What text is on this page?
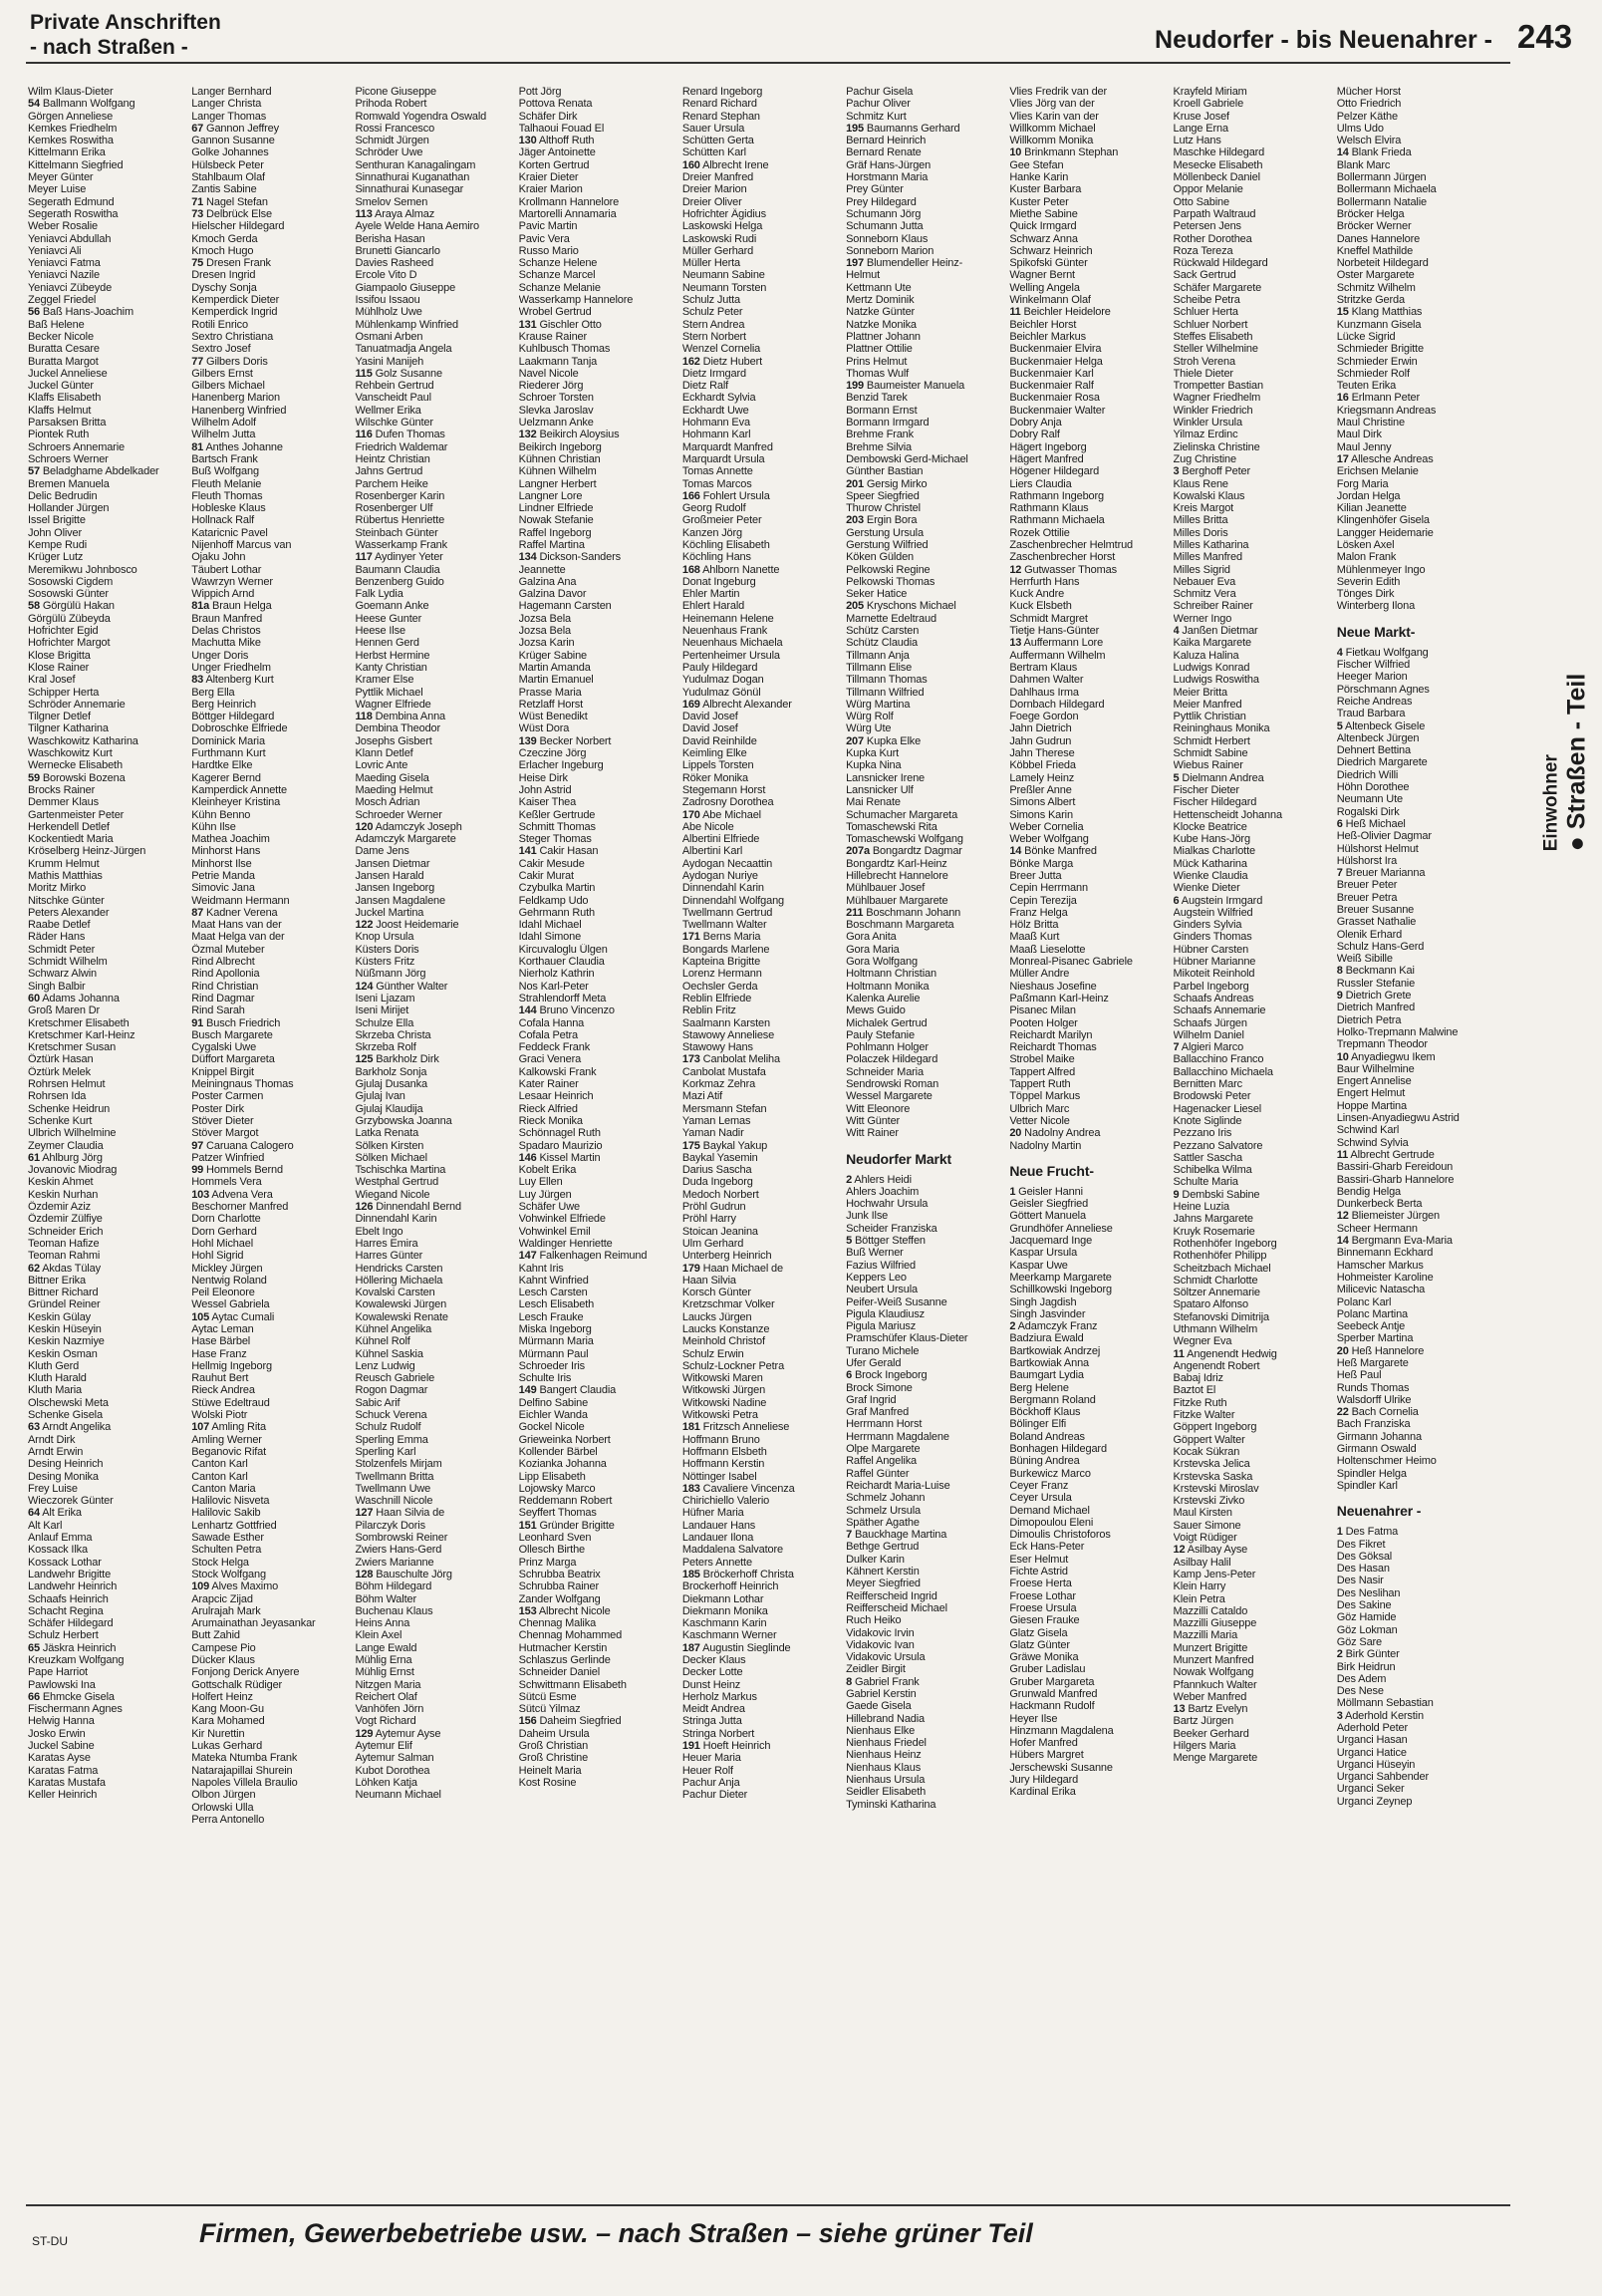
Private Anschriften
- nach Straßen -	Neudorfer - bis Neuenahrer - 243
Wilm Klaus-Dieter
54 Ballmann Wolfgang
Görgen Anneliese
Kemkes Friedhelm
Kemkes Roswitha
Kittelmann Erika
Kittelmann Siegfried
Meyer Günter
Meyer Luise
Segerath Edmund
Segerath Roswitha
Weber Rosalie
Yeniavci Abdullah
Yeniavci Ali
Yeniavci Fatma
Yeniavci Nazile
Yeniavci Zübeyde
Zeggel Friedel
56 Baß Hans-Joachim
Baß Helene
Becker Nicole
Buratta Cesare
Buratta Margot
Juckel Anneliese
Juckel Günter
Klaffs Elisabeth
Klaffs Helmut
Parsaksen Britta
Piontek Ruth
Schroers Annemarie
Schroers Werner
57 Beladghame Abdelkader
Bremen Manuela
Delic Bedrudin
Hollander Jürgen
Issel Brigitte
John Oliver
Kempe Rudi
Krüger Lutz
Meremikwu Johnbosco
Sosowski Cigdem
Sosowski Günter
58 Görgülü Hakan
Görgülü Zübeyda
Hofrichter Egid
Hofrichter Margot
Klose Brigitta
Klose Rainer
Kral Josef
Schipper Herta
Schröder Annemarie
Tilgner Detlef
Tilgner Katharina
Waschkowitz Katharina
Waschkowitz Kurt
Wernecke Elisabeth
59 Borowski Bozena
Brocks Rainer
Demmer Klaus
Gartenmeister Peter
Herkendell Detlef
Kockentiedt Maria
Kröselberg Heinz-Jürgen
Krumm Helmut
Mathis Matthias
Moritz Mirko
Nitschke Günter
Peters Alexander
Raabe Detlef
Räder Hans
Schmidt Peter
Schmidt Wilhelm
Schwarz Alwin
Singh Balbir
60 Adams Johanna
Groß Maren Dr
Kretschmer Elisabeth
Kretschmer Karl-Heinz
Kretschmer Susan
Öztürk Hasan
Öztürk Melek
Rohrsen Helmut
Rohrsen Ida
Schenke Heidrun
Schenke Kurt
Ulbrich Wilhelmine
Zeymer Claudia
61 Ahlburg Jörg
Jovanovic Miodrag
Keskin Ahmet
Keskin Nurhan
Özdemir Aziz
Özdemir Zülfiye
Schneider Erich
Teoman Hafize
Teoman Rahmi
62 Akdas Tülay
Bittner Erika
Bittner Richard
Gründel Reiner
Keskin Gülay
Keskin Hüseyin
Keskin Nazmiye
Keskin Osman
Kluth Gerd
Kluth Harald
Kluth Maria
Olschewski Meta
Schenke Gisela
63 Arndt Angelika
Arndt Dirk
Arndt Erwin
Desing Heinrich
Desing Monika
Frey Luise
Wieczorek Günter
64 Alt Erika
Alt Karl
Anlauf Emma
Kossack Ilka
Kossack Lothar
Landwehr Brigitte
Landwehr Heinrich
Schaafs Heinrich
Schacht Regina
Schäfer Hildegard
Schulz Herbert
65 Jäskra Heinrich
Kreuzkam Wolfgang
Pape Harriot
Pawlowski Ina
66 Ehmcke Gisela
Fischermann Agnes
Helwig Hanna
Josko Erwin
Juckel Sabine
Karatas Ayse
Karatas Fatma
Karatas Mustafa
Keller Heinrich
Langer Bernhard
Langer Christa
Langer Thomas
67 Gannon Jeffrey
Gannon Susanne
Golke Johannes
Hülsbeck Peter
Stahlbaum Olaf
Zantis Sabine
71 Nagel Stefan
73 Delbrück Else
Hielscher Hildegard
Kmoch Gerda
Kmoch Hugo
75 Dresen Frank
Dresen Ingrid
Dyschy Sonja
Kemperdick Dieter
Kemperdick Ingrid
Rotili Enrico
Sextro Christiana
Sextro Josef
77 Gilbers Doris
Gilbers Ernst
Gilbers Michael
Hanenberg Marion
Hanenberg Winfried
Wilhelm Adolf
Wilhelm Jutta
81 Anthes Johanne
Bartsch Frank
Buß Wolfgang
Fleuth Melanie
Fleuth Thomas
Hobleske Klaus
Hollnack Ralf
Kataricnic Pavel
Nijenhoff Marcus van
Ojaku John
Täubert Lothar
Wawrzyn Werner
Wippich Arnd
81a Braun Helga
Braun Manfred
Delas Christos
Machutta Mike
Unger Doris
Unger Friedhelm
83 Altenberg Kurt
Berg Ella
Berg Heinrich
Böttger Hildegard
Dobroschke Elfriede
Dominick Maria
Furthmann Kurt
Hardtke Elke
Kagerer Bernd
Kamperdick Annette
Kleinheyer Kristina
Kühn Benno
Kühn Ilse
Mathea Joachim
Minhorst Hans
Minhorst Ilse
Petrie Manda
Simovic Jana
Weidmann Hermann
87 Kadner Verena
Maat Hans van der
Maat Helga van der
Özmal Muteber
Rind Albrecht
Rind Apollonia
Rind Christian
Rind Dagmar
Rind Sarah
91 Busch Friedrich
Busch Margarete
Cygalski Uwe
Düffort Margareta
Knippel Birgit
Meiningnaus Thomas
Poster Carmen
Poster Dirk
Stöver Dieter
Stöver Margot
97 Caruana Calogero
Patzer Winfried
99 Hommels Bernd
Hommels Vera
103 Advena Vera
Beschorner Manfred
Dorn Charlotte
Dorn Gerhard
Hohl Michael
Hohl Sigrid
Mickley Jürgen
Nentwig Roland
Peil Eleonore
Wessel Gabriela
105 Aytac Cumali
Aytac Leman
Hase Bärbel
Hase Franz
Hellmig Ingeborg
Rauhut Bert
Rieck Andrea
Stüwe Edeltraud
Wolski Piotr
107 Amling Rita
Amling Werner
Beganovic Rifat
Canton Karl
Canton Karl
Canton Maria
Halilovic Nisveta
Halilovic Sakib
Lenhartz Gottfried
Sawade Esther
Schulten Petra
Stock Helga
Stock Wolfgang
109 Alves Maximo
Arapcic Zijad
Arulrajah Mark
Arumainathan Jeyasankar
Butt Zahid
Campese Pio
Dücker Klaus
Fonjong Derick Anyere
Gottschalk Rüdiger
Holfert Heinz
Kang Moon-Gu
Kara Mohamed
Kir Nurettin
Lukas Gerhard
Mateka Ntumba Frank
Natarajapillai Shurein
Napoles Villela Braulio
Olbon Jürgen
Orlowski Ulla
Perra Antonello
Picone Giuseppe
Prihoda Robert
Romwald Yogendra Oswald
Rossi Francesco
Schmidt Jürgen
Schröder Uwe
Senthuran Kanagalingam
Sinnathurai Kuganathan
Sinnathurai Kunasegar
Smelov Semen
113 Araya Almaz
Ayele Welde Hana Aemiro
Berisha Hasan
Brunetti Giancarlo
Davies Rasheed
Ercole Vito D
Giampaolo Giuseppe
Issifou Issaou
Mühlholz Uwe
Mühlenkamp Winfried
Osmani Arben
Tanuatmadja Angela
Yasini Manijeh
115 Golz Susanne
Rehbein Gertrud
Vanscheidt Paul
Wellmer Erika
Wilschke Günter
116 Dufen Thomas
Friedrich Waldemar
Heintz Christian
Jahns Gertrud
Parchem Heike
Rosenberger Karin
Rosenberger Ulf
Rübertus Henriette
Steinbach Günter
Wasserkamp Frank
117 Aydinyer Yeter
Baumann Claudia
Benzenberg Guido
Falk Lydia
Goemann Anke
Heese Gunter
Heese Ilse
Hennen Gerd
Herbst Hermine
Kanty Christian
Kramer Else
Pyttlik Michael
Wagner Elfriede
118 Dembina Anna
Dembina Theodor
Josephs Gisbert
Klann Detlef
Lovric Ante
Maeding Gisela
Maeding Helmut
Mosch Adrian
Schroeder Werner
120 Adamczyk Joseph
Adamczyk Margarete
Dame Jens
Jansen Dietmar
Jansen Harald
Jansen Ingeborg
Jansen Magdalene
Juckel Martina
122 Joost Heidemarie
Knop Ursula
Küsters Doris
Küsters Fritz
Nüßmann Jörg
124 Günther Walter
Iseni Ljazam
Iseni Mirijet
Schulze Ella
Skrzeba Christa
Skrzeba Rolf
125 Barkholz Dirk
Barkholz Sonja
Gjulaj Dusanka
Gjulaj Ivan
Gjulaj Klaudija
Grzybowska Joanna
Latka Renata
Sölken Kirsten
Sölken Michael
Tschischka Martina
Westphal Gertrud
Wiegand Nicole
126 Dinnendahl Bernd
Dinnendahl Karin
Ebelt Ingo
Harres Emira
Harres Günter
Hendricks Carsten
Höllering Michaela
Kovalski Carsten
Kowalewski Jürgen
Kowalewski Renate
Kühnel Angelika
Kühnel Rolf
Kühnel Saskia
Lenz Ludwig
Reusch Gabriele
Rogon Dagmar
Sabic Arif
Schuck Verena
Schulz Rudolf
Sperling Emma
Sperling Karl
Stolzenfels Mirjam
Twellmann Britta
Twellmann Uwe
Waschnill Nicole
127 Haan Silvia de
Pilarczyk Doris
Sombrowski Reiner
Zwiers Hans-Gerd
Zwiers Marianne
128 Bauschulte Jörg
Böhm Hildegard
Böhm Walter
Buchenau Klaus
Heins Anna
Klein Axel
Lange Ewald
Mühlig Erna
Mühlig Ernst
Nitzgen Maria
Reichert Olaf
Vanhöfen Jörn
Vogt Richard
129 Aytemur Ayse
Aytemur Elif
Aytemur Salman
Kubot Dorothea
Löhken Katja
Neumann Michael
Pott Jörg
Pottova Renata
Schäfer Dirk
Talhaoui Fouad El
130 Althoff Ruth
Jäger Antoinette
Korten Gertrud
Kraier Dieter
Kraier Marion
Krollmann Hannelore
Martorelli Annamaria
Pavic Martin
Pavic Vera
Russo Mario
Schanze Helene
Schanze Marcel
Schanze Melanie
Wasserkamp Hannelore
Wrobel Gertrud
131 Gischler Otto
Krause Rainer
Kuhlbusch Thomas
Laakmann Tanja
Navel Nicole
Riederer Jörg
Schroer Torsten
Slevka Jaroslav
Uelzmann Anke
132 Beikirch Aloysius
Beikirch Ingeborg
Kühnen Christian
Kühnen Wilhelm
Langner Herbert
Langner Lore
Lindner Elfriede
Nowak Stefanie
Raffel Ingeborg
Raffel Martina
134 Dickson-Sanders
Jeannette
Galzina Ana
Galzina Davor
Hagemann Carsten
Jozsa Bela
Jozsa Bela
Jozsa Karin
Krüger Sabine
Martin Amanda
Martin Emanuel
Prasse Maria
Retzlaff Horst
Wüst Benedikt
Wüst Dora
139 Becker Norbert
Czeczine Jörg
Erlacher Ingeburg
Heise Dirk
John Astrid
Kaiser Thea
Keßler Gertrude
Schmitt Thomas
Steger Thomas
141 Cakir Hasan
Cakir Mesude
Cakir Murat
Czybulka Martin
Feldkamp Udo
Gehrmann Ruth
Idahl Michael
Idahl Simone
Kircuvaloglu Ülgen
Korthauer Claudia
Nierholz Kathrin
Nos Karl-Peter
Strahlendorff Meta
144 Bruno Vincenzo
Cofala Hanna
Cofala Petra
Feddeck Frank
Graci Venera
Kalkowski Frank
Kater Rainer
Lesaar Heinrich
Rieck Alfried
Rieck Monika
Schönnagel Ruth
Spadaro Maurizio
146 Kissel Martin
Kobelt Erika
Luy Ellen
Luy Jürgen
Schäfer Uwe
Vohwinkel Elfriede
Vohwinkel Emil
Waldinger Henriette
147 Falkenhagen Reimund
Kahnt Iris
Kahnt Winfried
Lesch Carsten
Lesch Elisabeth
Lesch Frauke
Miska Ingeborg
Mürmann Maria
Mürmann Paul
Schroeder Iris
Schulte Iris
149 Bangert Claudia
Delfino Sabine
Eichler Wanda
Gockel Nicole
Grieweinka Norbert
Kollender Bärbel
Kozianka Johanna
Lipp Elisabeth
Lojowsky Marco
Reddemann Robert
Seyffert Thomas
151 Gründer Brigitte
Leonhard Sven
Ollesch Birthe
Prinz Marga
Schrubba Beatrix
Schrubba Rainer
Zander Wolfgang
153 Albrecht Nicole
Chennag Malika
Chennag Mohammed
Hutmacher Kerstin
Schlaszus Gerlinde
Schneider Daniel
Schwittmann Elisabeth
Sütcü Esme
Sütcü Yilmaz
156 Daheim Siegfried
Daheim Ursula
Groß Christian
Groß Christine
Heinelt Maria
Kost Rosine
Renard Ingeborg
Renard Richard
Renard Stephan
Sauer Ursula
Schütten Gerta
Schütten Karl
160 Albrecht Irene
Dreier Manfred
Dreier Marion
Dreier Oliver
Hofrichter Ägidius
Laskowski Helga
Laskowski Rudi
Müller Gerhard
Müller Herta
Neumann Sabine
Neumann Torsten
Schulz Jutta
Schulz Peter
Stern Andrea
Stern Norbert
Wenzel Cornelia
162 Dietz Hubert
Dietz Irmgard
Dietz Ralf
Eckhardt Sylvia
Eckhardt Uwe
Hohmann Eva
Hohmann Karl
Marquardt Manfred
Marquardt Ursula
Tomas Annette
Tomas Marcos
166 Fohlert Ursula
Georg Rudolf
Großmeier Peter
Kanzen Jörg
Köchling Elisabeth
Köchling Hans
168 Ahlborn Nanette
Donat Ingeburg
Ehler Martin
Ehlert Harald
Heinemann Helene
Neuenhaus Frank
Neuenhaus Michaela
Pertenheimer Ursula
Pauly Hildegard
Yudulmaz Dogan
Yudulmaz Gönül
169 Albrecht Alexander
David Josef
David Josef
David Reinhilde
Keimling Elke
Lippels Torsten
Röker Monika
Stegemann Horst
Zadrosny Dorothea
170 Abe Michael
Abe Nicole
Albertini Elfriede
Albertini Karl
Aydogan Necaattin
Aydogan Nuriye
Dinnendahl Karin
Dinnendahl Wolfgang
Twellmann Gertrud
Twellmann Walter
171 Berns Maria
Bongards Marlene
Kapteina Brigitte
Lorenz Hermann
Oechsler Gerda
Reblin Elfriede
Reblin Fritz
Saalmann Karsten
Stawowy Anneliese
Stawowy Hans
173 Canbolat Meliha
Canbolat Mustafa
Korkmaz Zehra
Mazi Atif
Mersmann Stefan
Yaman Lemas
Yaman Nadir
175 Baykal Yakup
Baykal Yasemin
Darius Sascha
Duda Ingeborg
Medoch Norbert
Pröhl Gudrun
Pröhl Harry
Stoican Jeanina
Ulm Gerhard
Unterberg Heinrich
179 Haan Michael de
Haan Silvia
Korsch Günter
Kretzschmar Volker
Laucks Jürgen
Laucks Konstanze
Meinhold Christof
Schulz Erwin
Schulz-Lockner Petra
Witkowski Maren
Witkowski Jürgen
Witkowski Nadine
Witkowski Petra
181 Fritzsch Anneliese
Hoffmann Bruno
Hoffmann Elsbeth
Hoffmann Kerstin
Nöttinger Isabel
183 Cavaliere Vincenza
Chirichiello Valerio
Hüfner Maria
Landauer Hans
Landauer Ilona
Maddalena Salvatore
Peters Annette
185 Bröckerhoff Christa
Brockerhoff Heinrich
Diekmann Lothar
Diekmann Monika
Kaschmann Karin
Kaschmann Werner
187 Augustin Sieglinde
Decker Klaus
Decker Lotte
Dunst Heinz
Herholz Markus
Meidt Andrea
Stringa Jutta
Stringa Norbert
191 Hoeft Heinrich
Heuer Maria
Heuer Rolf
Pachur Anja
Pachur Dieter
Pachur Gisela
Pachur Oliver
Schmitz Kurt
195 Baumanns Gerhard
Bernard Heinrich
Bernard Renate
Gräf Hans-Jürgen
Horstmann Maria
Prey Günter
Prey Hildegard
Schumann Jörg
Schumann Jutta
Sonneborn Klaus
Sonneborn Marion
197 Blumendeller Heinz-
Helmut
Kettmann Ute
Mertz Dominik
Natzke Günter
Natzke Monika
Plattner Johann
Plattner Ottilie
Prins Helmut
Thomas Wulf
199 Baumeister Manuela
Benzid Tarek
Bormann Ernst
Bormann Irmgard
Brehme Frank
Brehme Silvia
Dembowski Gerd-Michael
Günther Bastian
201 Gersig Mirko
Speer Siegfried
Thurow Christel
203 Ergin Bora
Gerstung Ursula
Gerstung Wilfried
Köken Gülden
Pelkowski Regine
Pelkowski Thomas
Seker Hatice
205 Kryschons Michael
Marnette Edeltraud
Schütz Carsten
Schütz Claudia
Tillmann Anja
Tillmann Elise
Tillmann Thomas
Tillmann Wilfried
Würg Martina
Würg Rolf
Würg Ute
207 Kupka Elke
Kupka Kurt
Kupka Nina
Lansnicker Irene
Lansnicker Ulf
Mai Renate
Schumacher Margareta
Tomaschewski Rita
Tomaschewski Wolfgang
207a Bongardtz Dagmar
Bongardtz Karl-Heinz
Hillebrecht Hannelore
Mühlbauer Josef
Mühlbauer Margarete
211 Boschmann Johann
Boschmann Margareta
Gora Anita
Gora Maria
Gora Wolfgang
Holtmann Christian
Holtmann Monika
Kalenka Aurelie
Mews Guido
Michalek Gertrud
Pauly Stefanie
Pohlmann Holger
Polaczek Hildegard
Schneider Maria
Sendrowski Roman
Wessel Margarete
Witt Eleonore
Witt Günter
Witt Rainer
Neudorfer Markt
2 Ahlers Heidi
Ahlers Joachim
Hochwahr Ursula
Junk Ilse
Scheider Franziska
5 Böttger Steffen
Buß Werner
Fazius Wilfried
Keppers Leo
Neubert Ursula
Peifer-Weiß Susanne
Pigula Klaudiusz
Pigula Mariusz
Pramschüfer Klaus-Dieter
Turano Michele
Ufer Gerald
6 Brock Ingeborg
Brock Simone
Graf Ingrid
Graf Manfred
Herrmann Horst
Herrmann Magdalene
Olpe Margarete
Raffel Angelika
Raffel Günter
Reichardt Maria-Luise
Schmelz Johann
Schmelz Ursula
Späther Agathe
7 Bauckhage Martina
Bethge Gertrud
Dulker Karin
Kähnert Kerstin
Meyer Siegfried
Reifferscheid Ingrid
Reifferscheid Michael
Ruch Heiko
Vidakovic Irvin
Vidakovic Ivan
Vidakovic Ursula
Zeidler Birgit
8 Gabriel Frank
Gabriel Kerstin
Gaede Gisela
Hillebrand Nadia
Nienhaus Elke
Nienhaus Friedel
Nienhaus Heinz
Nienhaus Klaus
Nienhaus Ursula
Seidler Elisabeth
Tyminski Katharina
Vlies Fredrik van der
Vlies Jörg van der
Vlies Karin van der
Willkomm Michael
Willkomm Monika
10 Brinkmann Stephan
Gee Stefan
Hanke Karin
Kuster Barbara
Kuster Peter
Miethe Sabine
Quick Irmgard
Schwarz Anna
Schwarz Heinrich
Spikofski Günter
Wagner Bernt
Welling Angela
Winkelmann Olaf
11 Beichler Heidelore
Beichler Horst
Beichler Markus
Buckenmaier Elvira
Buckenmaier Helga
Buckenmaier Karl
Buckenmaier Ralf
Buckenmaier Rosa
Buckenmaier Walter
Dobry Anja
Dobry Ralf
Hägert Ingeborg
Hägert Manfred
Högener Hildegard
Liers Claudia
Rathmann Ingeborg
Rathmann Klaus
Rathmann Michaela
Rozek Ottilie
Zaschenbrecher Helmtrud
Zaschenbrecher Horst
12 Gutwasser Thomas
Herrfurth Hans
Kuck Andre
Kuck Elsbeth
Schmidt Margret
Tietje Hans-Günter
13 Auffermann Lore
Auffermann Wilhelm
Bertram Klaus
Dahmen Walter
Dahlhaus Irma
Dornbach Hildegard
Foege Gordon
Jahn Dietrich
Jahn Gudrun
Jahn Therese
Köbbel Frieda
Lamely Heinz
Preßler Anne
Simons Albert
Simons Karin
Weber Cornelia
Weber Wolfgang
14 Bönke Manfred
Bönke Marga
Breer Jutta
Cepin Herrmann
Cepin Terezija
Franz Helga
Hölz Britta
Maaß Kurt
Maaß Lieselotte
Monreal-Pisanec Gabriele
Müller Andre
Nieshaus Josefine
Paßmann Karl-Heinz
Pisanec Milan
Pooten Holger
Reichardt Marilyn
Reichardt Thomas
Strobel Maike
Tappert Alfred
Tappert Ruth
Töppel Markus
Ulbrich Marc
Vetter Nicole
20 Nadolny Andrea
Nadolny Martin
Neue Frucht-
1 Geisler Hanni
Geisler Siegfried
Göttert Manuela
Grundhöfer Anneliese
Jacquemard Inge
Kaspar Ursula
Kaspar Uwe
Meerkamp Margarete
Schillkowski Ingeborg
Singh Jagdish
Singh Jasvinder
2 Adamczyk Franz
Badziura Ewald
Bartkowiak Andrzej
Bartkowiak Anna
Baumgart Lydia
Berg Helene
Bergmann Roland
Böckhoff Klaus
Bölinger Elfi
Boland Andreas
Bonhagen Hildegard
Büning Andrea
Burkewicz Marco
Ceyer Franz
Ceyer Ursula
Demand Michael
Dimopoulou Eleni
Dimoulis Christoforos
Eck Hans-Peter
Eser Helmut
Fichte Astrid
Froese Herta
Froese Lothar
Froese Ursula
Giesen Frauke
Glatz Gisela
Glatz Günter
Gräwe Monika
Gruber Ladislau
Gruber Margareta
Grunwald Manfred
Hackmann Rudolf
Heyer Ilse
Hinzmann Magdalena
Hofer Manfred
Hübers Margret
Jerschewski Susanne
Jury Hildegard
Kardinal Erika
Krayfeld Miriam
Kroell Gabriele
Kruse Josef
Lange Erna
Lutz Hans
Maschke Hildegard
Mesecke Elisabeth
Möllenbeck Daniel
Oppor Melanie
Otto Sabine
Parpath Waltraud
Petersen Jens
Rother Dorothea
Roza Tereza
Rückwald Hildegard
Sack Gertrud
Schäfer Margarete
Scheibe Petra
Schluer Herta
Schluer Norbert
Steffes Elisabeth
Steller Wilhelmine
Stroh Verena
Thiele Dieter
Trompetter Bastian
Wagner Friedhelm
Winkler Friedrich
Winkler Ursula
Yilmaz Erdinc
Zielinska Christine
Zug Christine
3 Berghoff Peter
Klaus Rene
Kowalski Klaus
Kreis Margot
Milles Britta
Milles Doris
Milles Katharina
Milles Manfred
Milles Sigrid
Nebauer Eva
Schmitz Vera
Schreiber Rainer
Werner Ingo
4 Janßen Dietmar
Kaika Margarete
Kaluza Halina
Ludwigs Konrad
Ludwigs Roswitha
Meier Britta
Meier Manfred
Pyttlik Christian
Reininghaus Monika
Schmidt Herbert
Schmidt Sabine
Wiebus Rainer
5 Dielmann Andrea
Fischer Dieter
Fischer Hildegard
Hettenscheidt Johanna
Klocke Beatrice
Kube Hans-Jörg
Mialkas Charlotte
Mück Katharina
Wienke Claudia
Wienke Dieter
6 Augstein Irmgard
Augstein Wilfried
Ginders Sylvia
Ginders Thomas
Hübner Carsten
Hübner Marianne
Mikoteit Reinhold
Parbel Ingeborg
Schaafs Andreas
Schaafs Annemarie
Schaafs Jürgen
Wilhelm Daniel
7 Algieri Marco
Ballacchino Franco
Ballacchino Michaela
Bernitten Marc
Brodowski Peter
Hagenacker Liesel
Knote Siglinde
Pezzano Iris
Pezzano Salvatore
Sattler Sascha
Schibelka Wilma
Schulte Maria
9 Dembski Sabine
Heine Luzia
Jahns Margarete
Kruyk Rosemarie
Rothenhöfer Ingeborg
Rothenhöfer Philipp
Scheitzbach Michael
Schmidt Charlotte
Söltzer Annemarie
Spataro Alfonso
Stefanovski Dimitrija
Uthmann Wilhelm
Wegner Eva
11 Angenendt Hedwig
Angenendt Robert
Babaj Idriz
Baztot El
Fitzke Ruth
Fitzke Walter
Göppert Ingeborg
Göppert Walter
Kocak Sükran
Krstevska Jelica
Krstevska Saska
Krstevski Miroslav
Krstevski Zivko
Maul Kirsten
Sauer Simone
Voigt Rüdiger
12 Asilbay Ayse
Asilbay Halil
Kamp Jens-Peter
Klein Harry
Klein Petra
Mazzilli Cataldo
Mazzilli Giuseppe
Mazzilli Maria
Munzert Brigitte
Munzert Manfred
Nowak Wolfgang
Pfannkuch Walter
Weber Manfred
13 Bartz Evelyn
Bartz Jürgen
Beeker Gerhard
Hilgers Maria
Menge Margarete
Mücher Horst
Otto Friedrich
Pelzer Käthe
Ulms Udo
Welsch Elvira
14 Blank Frieda
Blank Marc
Bollermann Jürgen
Bollermann Michaela
Bollermann Natalie
Bröcker Helga
Bröcker Werner
Danes Hannelore
Kneffel Mathilde
Norbeteit Hildegard
Oster Margarete
Schmitz Wilhelm
Stritzke Gerda
15 Klang Matthias
Kunzmann Gisela
Lücke Sigrid
Schmieder Brigitte
Schmieder Erwin
Schmieder Rolf
Teuten Erika
16 Erlmann Peter
Kriegsmann Andreas
Maul Christine
Maul Dirk
Maul Jenny
17 Allesche Andreas
Erichsen Melanie
Forg Maria
Jordan Helga
Kilian Jeanette
Klingenhöfer Gisela
Langger Heidemarie
Lösken Axel
Malon Frank
Mühlenmeyer Ingo
Severin Edith
Tönges Dirk
Winterberg Ilona
Neue Markt-
4 Fietkau Wolfgang
Fischer Wilfried
Heeger Marion
Pörschmann Agnes
Reiche Andreas
Traud Barbara
5 Altenbeck Gisele
Altenbeck Jürgen
Dehnert Bettina
Diedrich Margarete
Diedrich Willi
Höhn Dorothee
Neumann Ute
Rogalski Dirk
6 Heß Michael
Heß-Olivier Dagmar
Hülshorst Helmut
Hülshorst Ira
7 Breuer Marianna
Breuer Peter
Breuer Petra
Breuer Susanne
Grasset Nathalie
Olenik Erhard
Schulz Hans-Gerd
Weiß Sibille
8 Beckmann Kai
Russler Stefanie
9 Dietrich Grete
Dietrich Manfred
Dietrich Petra
Holko-Trepmann Malwine
Trepmann Theodor
10 Anyadiegwu Ikem
Baur Wilhelmine
Engert Annelise
Engert Helmut
Hoppe Martina
Linsen-Anyadiegwu Astrid
Schwind Karl
Schwind Sylvia
11 Albrecht Gertrude
Bassiri-Gharb Fereidoun
Bassiri-Gharb Hannelore
Bendig Helga
Dunkerbeck Berta
12 Bliemeister Jürgen
Scheer Hermann
14 Bergmann Eva-Maria
Binnemann Eckhard
Hamscher Markus
Hohmeister Karoline
Milicevic Natascha
Polanc Karl
Polanc Martina
Seebeck Antje
Sperber Martina
20 Heß Hannelore
Heß Margarete
Heß Paul
Runds Thomas
Walsdorff Ulrike
22 Bach Cornelia
Bach Franziska
Girmann Johanna
Girmann Oswald
Holtenschmer Heimo
Spindler Helga
Spindler Karl
Neuenahrer -
1 Des Fatma
Des Fikret
Des Göksal
Des Hasan
Des Nasir
Des Neslihan
Des Sakine
Göz Hamide
Göz Lokman
Göz Sare
2 Birk Günter
Birk Heidrun
Des Adem
Des Nese
Möllmann Sebastian
3 Aderhold Kerstin
Aderhold Peter
Urganci Hasan
Urganci Hatice
Urganci Hüseyin
Urganci Sahbender
Urganci Seker
Urganci Zeynep
Einwohner ● Straßen - Teil
ST-DU	Firmen, Gewerbebetriebe usw. – nach Straßen – siehe grüner Teil
